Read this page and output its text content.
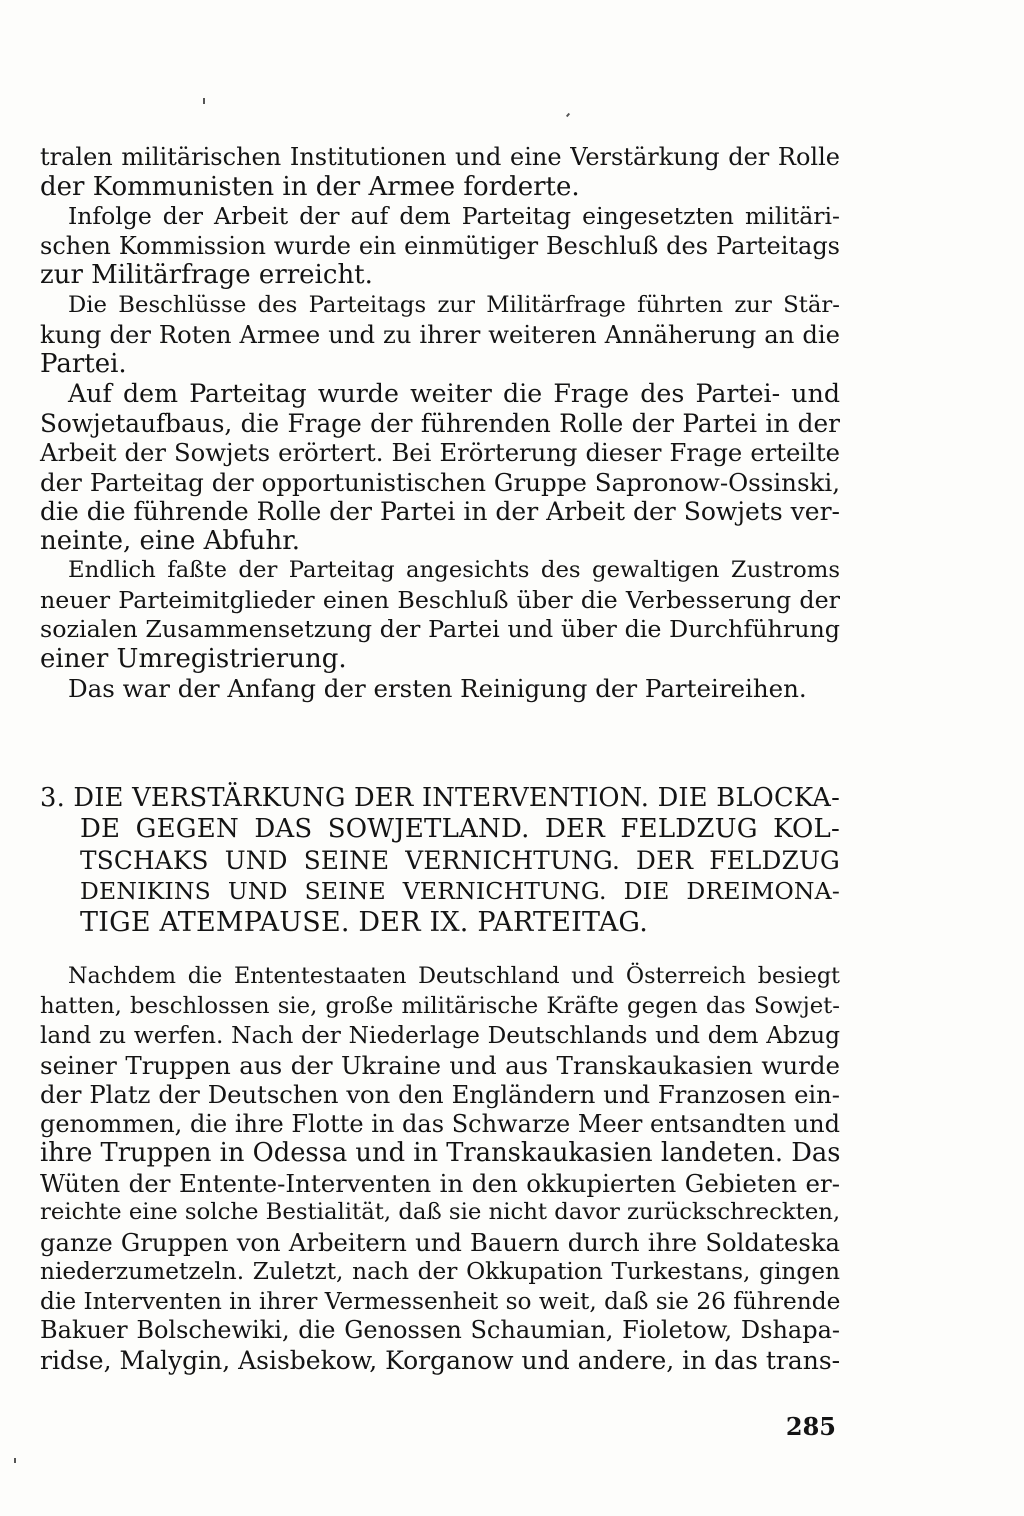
tralen militärischen Institutionen und eine Verstärkung der Rolle
der Kommunisten in der Armee forderte.
Infolge der Arbeit der auf dem Parteitag eingesetzten militäri-
schen Kommission wurde ein einmütiger Beschluß des Parteitags
zur Militärfrage erreicht.
Die Beschlüsse des Parteitags zur Militärfrage führten zur Stär-
kung der Roten Armee und zu ihrer weiteren Annäherung an die
Partei.
Auf dem Parteitag wurde weiter die Frage des Partei- und
Sowjetaufbaus, die Frage der führenden Rolle der Partei in der
Arbeit der Sowjets erörtert. Bei Erörterung dieser Frage erteilte
der Parteitag der opportunistischen Gruppe Sapronow-Ossinski,
die die führende Rolle der Partei in der Arbeit der Sowjets ver-
neinte, eine Abfuhr.
Endlich faßte der Parteitag angesichts des gewaltigen Zustroms
neuer Parteimitglieder einen Beschluß über die Verbesserung der
sozialen Zusammensetzung der Partei und über die Durchführung
einer Umregistrierung.
Das war der Anfang der ersten Reinigung der Parteireihen.
3. DIE VERSTÄRKUNG DER INTERVENTION. DIE BLOCKA-
DE GEGEN DAS SOWJETLAND. DER FELDZUG KOL-
TSCHAKS UND SEINE VERNICHTUNG. DER FELDZUG
DENIKINS UND SEINE VERNICHTUNG. DIE DREIMONA-
TIGE ATEMPAUSE. DER IX. PARTEITAG.
Nachdem die Ententestaaten Deutschland und Österreich besiegt
hatten, beschlossen sie, große militärische Kräfte gegen das Sowjet-
land zu werfen. Nach der Niederlage Deutschlands und dem Abzug
seiner Truppen aus der Ukraine und aus Transkaukasien wurde
der Platz der Deutschen von den Engländern und Franzosen ein-
genommen, die ihre Flotte in das Schwarze Meer entsandten und
ihre Truppen in Odessa und in Transkaukasien landeten. Das
Wüten der Entente-Interventen in den okkupierten Gebieten er-
reichte eine solche Bestialität, daß sie nicht davor zurückschreckten,
ganze Gruppen von Arbeitern und Bauern durch ihre Soldateska
niederzumetzeln. Zuletzt, nach der Okkupation Turkestans, gingen
die Interventen in ihrer Vermessenheit so weit, daß sie 26 führende
Bakuer Bolschewiki, die Genossen Schaumian, Fioletow, Dshapa-
ridse, Malygin, Asisbekow, Korganow und andere, in das trans-
285
